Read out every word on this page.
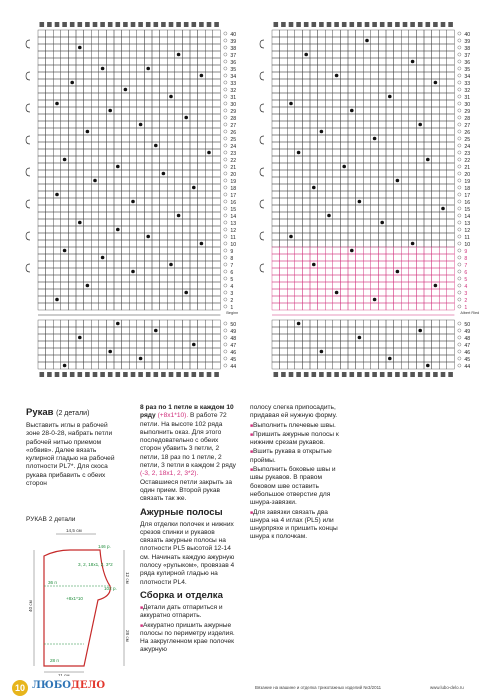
40
39
38
37
36
35
34
33
32
31
30
29
28
27
26
25
24
23
22
21
20
19
18
17
16
15
14
13
12
11
10
9
8
7
6
5
4
3
2
1
50
49
48
47
46
45
44
Beginn
40
39
38
37
36
35
34
33
32
31
30
29
28
27
26
25
24
23
22
21
20
19
18
17
16
15
14
13
12
11
10
9
8
7
6
5
4
3
2
1
50
49
48
47
46
45
44
Albert Ried
Рукав (2 детали)

Выставить иглы в рабочей зоне 28-0-28, набрать петли рабочей нитью приемом «обвив». Далее вязать кулирной гладью на рабочей плотности PL7*. Для скоса рукава прибавить с обеих сторон

8 раз по 1 петле в каждом 10 ряду (+8х1*10). В работе 72 петли. На высоте 102 ряда выполнить оказ. Для этого последовательно с обеих сторон убавить 3 петли, 2 петли, 18 раз по 1 петле, 2 петли, 3 петли в каждом 2 ряду (-3, 2, 18х1, 2, 3*2). Оставшиеся петли закрыть за один прием. Второй рукав связать так же.

Ажурные полосы

Для отделки полочек и нижних срезов спинки и рукавов связать ажурные полосы на плотности PL5 высотой 12-14 см. Начинать каждую ажурную полосу «рулыком», провязав 4 ряда кулирной гладью на плотности PL4.

Сборка и отделка

■ Детали дать отпариться и аккуратно отпарить.

■ Аккуратно пришить ажурные полосы по периметру изделия. На закругленном крае полочек ажурную

полосу слегка припосадить, придавая ей нужную форму.

■ Выполнить плечевые швы.

■ Пришить ажурные полосы к нижним срезам рукавов.

■ Вшить рукава в открытые проймы.

■ Выполнить боковые швы и швы рукавов. В правом боковом шве оставить небольшое отверстие для шнура-завязки.

■ Для завязки связать два шнура на 4 иглах (PL5) или шнурпряхе и пришить концы шнура к полочкам.

РУКАВ 2 детали
14,5 см
146 р.
3, 2, 18х1, 2, 3*2
12 см
102 р.
36 п
40 см
+8х1*10
28 см
28 п
11 см
10 ЛЮБОДЕЛО	Вязание на машине и отделка трикотажных изделий №3/2011	www.lubo-delo.ru
